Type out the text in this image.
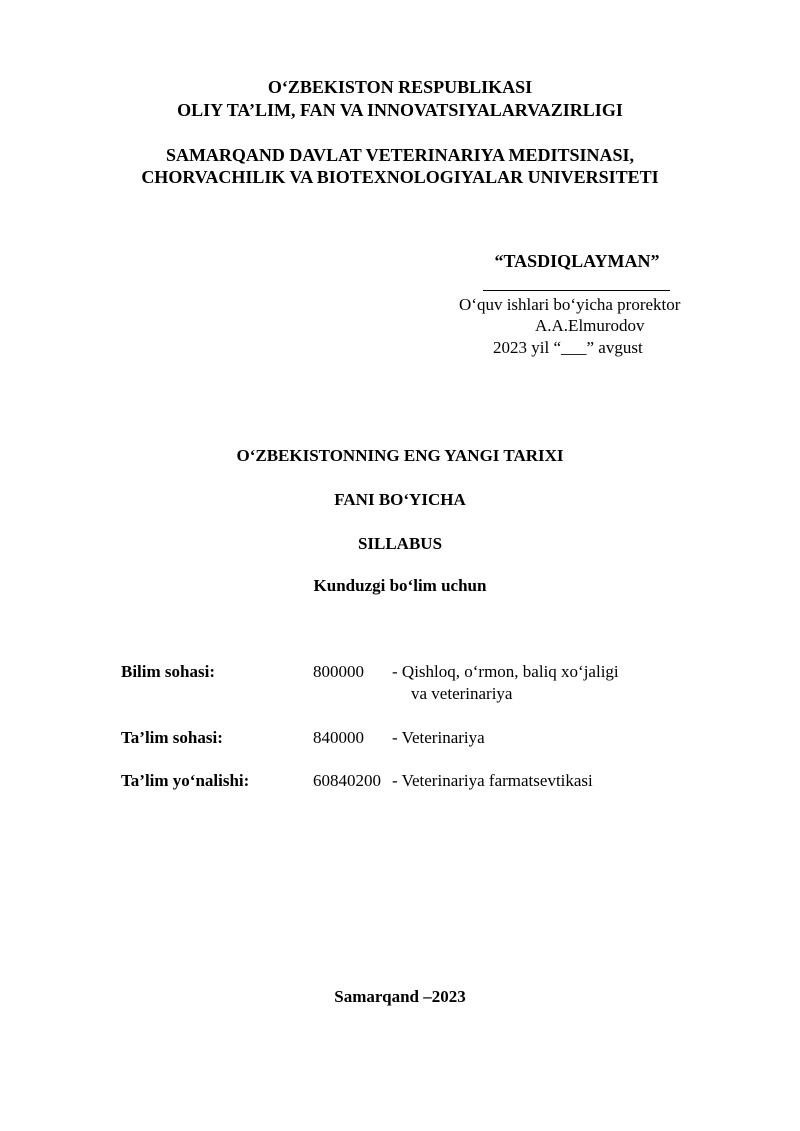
O‘ZBEKISTON RESPUBLIKASI

OLIY TA’LIM, FAN VA INNOVATSIYALARVAZIRLIGI

SAMARQAND DAVLAT VETERINARIYA MEDITSINASI,

CHORVACHILIK VA BIOTEXNOLOGIYALAR UNIVERSITETI

“TASDIQLAYMAN”

O‘quv ishlari bo‘yicha prorektor

A.A.Elmurodov

2023 yil “___” avgust

O‘ZBEKISTONNING ENG YANGI TARIXI

FANI BO‘YICHA

SILLABUS

Kunduzgi bo‘lim uchun

Bilim sohasi:	800000 - Qishloq, o‘rmon, baliq xo‘jaligi

va veterinariya

Ta’lim sohasi:	840000 - Veterinariya

Ta’lim yo‘nalishi:	60840200 - Veterinariya farmatsevtikasi

Samarqand –2023
